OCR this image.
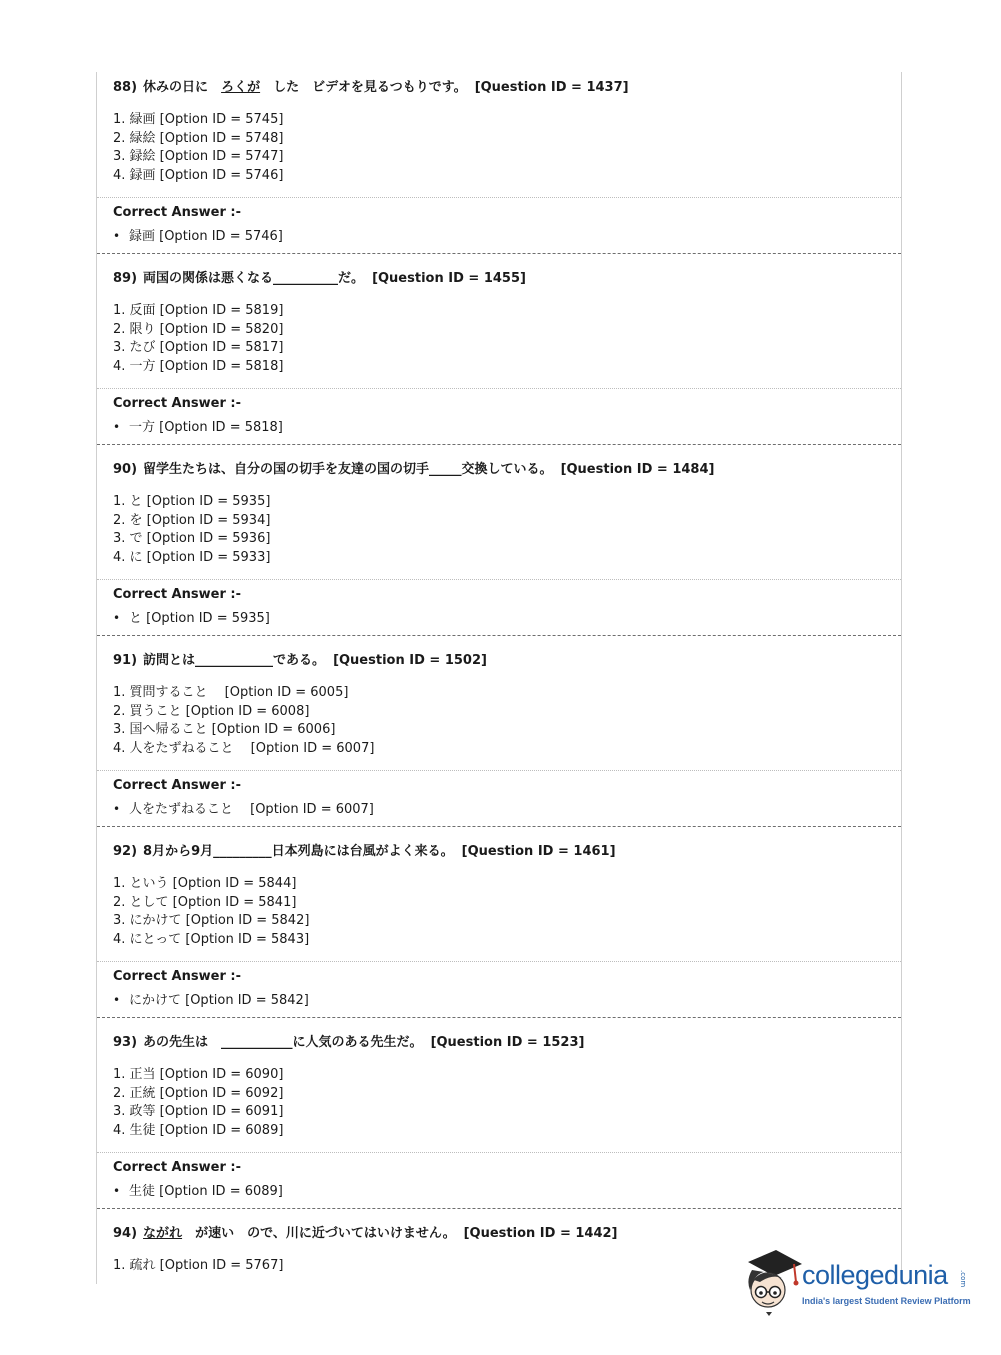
88) 休みの日に　 ろくが　 した　ビデオを見るつもりです。 [Question ID = 1437]
1. 緑画 [Option ID = 5745]
2. 緑絵 [Option ID = 5748]
3. 録絵 [Option ID = 5747]
4. 録画 [Option ID = 5746]
Correct Answer :-
• 録画 [Option ID = 5746]
89) 両国の関係は悪くなる__________だ。 [Question ID = 1455]
1. 反面 [Option ID = 5819]
2. 限り [Option ID = 5820]
3. たび [Option ID = 5817]
4. 一方 [Option ID = 5818]
Correct Answer :-
• 一方 [Option ID = 5818]
90) 留学生たちは、自分の国の切手を友達の国の切手_____交換している。 [Question ID = 1484]
1. と [Option ID = 5935]
2. を [Option ID = 5934]
3. で [Option ID = 5936]
4. に [Option ID = 5933]
Correct Answer :-
• と [Option ID = 5935]
91) 訪問とは____________である。 [Question ID = 1502]
1. 質問すること　 [Option ID = 6005]
2. 買うこと [Option ID = 6008]
3. 国へ帰ること [Option ID = 6006]
4. 人をたずねること　 [Option ID = 6007]
Correct Answer :-
• 人をたずねること　 [Option ID = 6007]
92) 8月から9月_________日本列島には台風がよく来る。 [Question ID = 1461]
1. という [Option ID = 5844]
2. として [Option ID = 5841]
3. にかけて [Option ID = 5842]
4. にとって [Option ID = 5843]
Correct Answer :-
• にかけて [Option ID = 5842]
93) あの先生は　___________に人気のある先生だ。 [Question ID = 1523]
1. 正当 [Option ID = 6090]
2. 正統 [Option ID = 6092]
3. 政等 [Option ID = 6091]
4. 生徒 [Option ID = 6089]
Correct Answer :-
• 生徒 [Option ID = 6089]
94) ながれ　 が速い　ので、川に近づいてはいけません。 [Question ID = 1442]
1. 疏れ [Option ID = 5767]	collegedunia .com
India's largest Student Review Platform
